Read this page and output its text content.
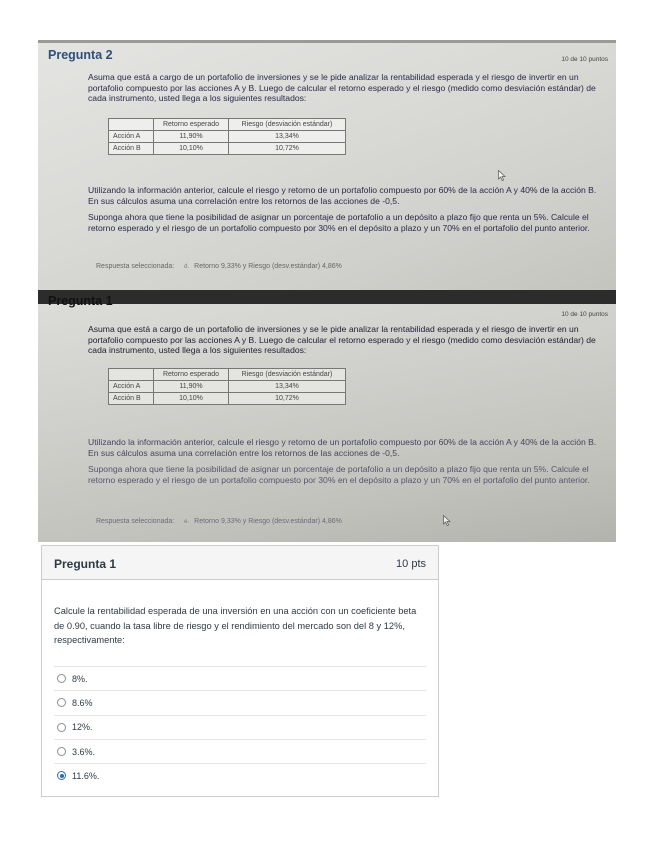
Pregunta 2	10 de 10 puntos
Asuma que está a cargo de un portafolio de inversiones y se le pide analizar la rentabilidad esperada y el riesgo de invertir en un portafolio compuesto por las acciones A y B. Luego de calcular el retorno esperado y el riesgo (medido como desviación estándar) de cada instrumento, usted llega a los siguientes resultados:
	Retorno esperado	Riesgo (desviación estándar)
Acción A	11,90%	13,34%
Acción B	10,10%	10,72%
Utilizando la información anterior, calcule el riesgo y retorno de un portafolio compuesto por 60% de la acción A y 40% de la acción B. En sus cálculos asuma una correlación entre los retornos de las acciones de -0,5.
Suponga ahora que tiene la posibilidad de asignar un porcentaje de portafolio a un depósito a plazo fijo que renta un 5%. Calcule el retorno esperado y el riesgo de un portafolio compuesto por 30% en el depósito a plazo y un 70% en el portafolio del punto anterior.
Respuesta seleccionada: d. Retorno 9,33% y Riesgo (desv.estándar) 4,86%
Pregunta 1
10 de 10 puntos
Asuma que está a cargo de un portafolio de inversiones y se le pide analizar la rentabilidad esperada y el riesgo de invertir en un portafolio compuesto por las acciones A y B. Luego de calcular el retorno esperado y el riesgo (medido como desviación estándar) de cada instrumento, usted llega a los siguientes resultados:
	Retorno esperado	Riesgo (desviación estándar)
Acción A	11,90%	13,34%
Acción B	10,10%	10,72%
Utilizando la información anterior, calcule el riesgo y retorno de un portafolio compuesto por 60% de la acción A y 40% de la acción B. En sus cálculos asuma una correlación entre los retornos de las acciones de -0,5.
Suponga ahora que tiene la posibilidad de asignar un porcentaje de portafolio a un depósito a plazo fijo que renta un 5%. Calcule el retorno esperado y el riesgo de un portafolio compuesto por 30% en el depósito a plazo y un 70% en el portafolio del punto anterior.
Respuesta seleccionada: e. Retorno 9,33% y Riesgo (desv.estándar) 4,86%
Pregunta 1	10 pts
Calcule la rentabilidad esperada de una inversión en una acción con un coeficiente beta de 0.90, cuando la tasa libre de riesgo y el rendimiento del mercado son del 8 y 12%, respectivamente:
8%.
8.6%
12%.
3.6%.
11.6%.
